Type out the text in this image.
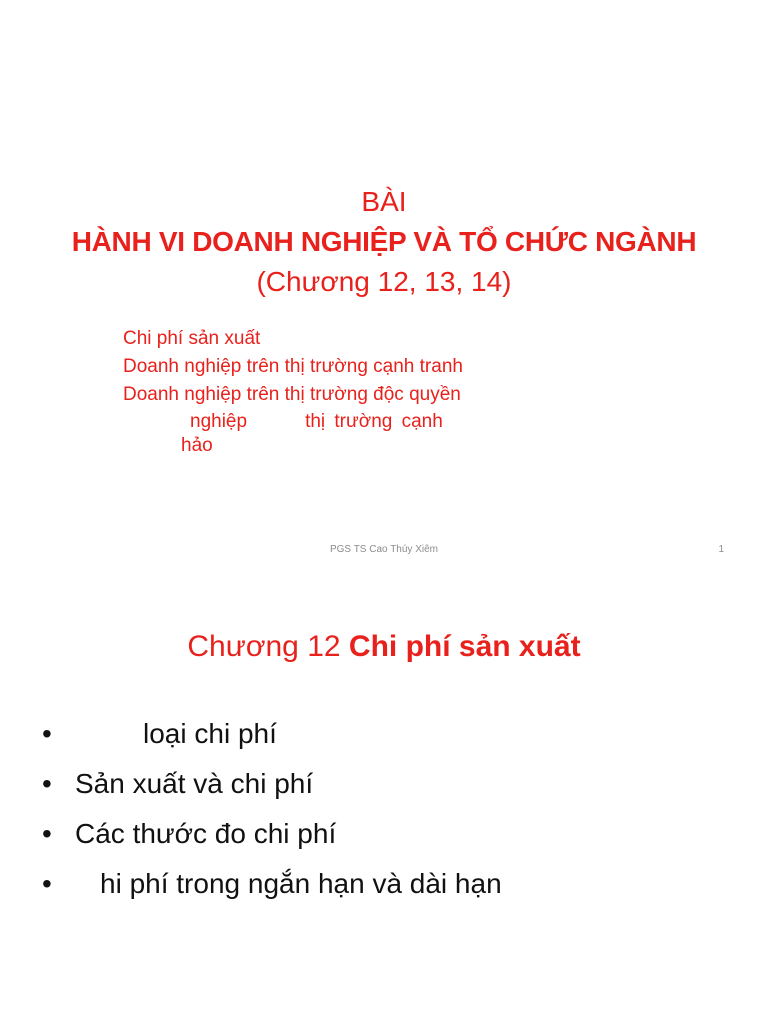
BÀI
HÀNH VI DOANH NGHIỆP VÀ TỔ CHỨC NGÀNH
(Chương 12, 13, 14)
Chi phí sản xuất
Doanh nghiệp trên thị trường cạnh tranh
Doanh nghiệp trên thị trường độc quyền
nghiệp	thị trường cạnh
hảo
PGS TS Cao Thúy Xiêm	1
Chương 12 Chi phí sản xuất
•	loại chi phí
• Sản xuất và chi phí
• Các thước đo chi phí
• hi phí trong ngắn hạn và dài hạn
